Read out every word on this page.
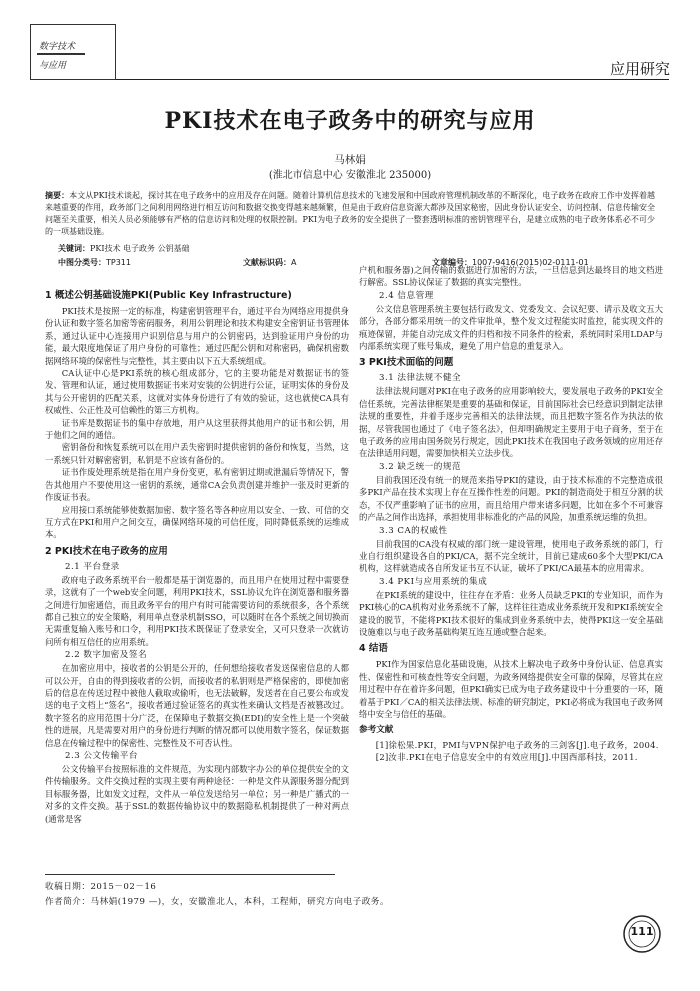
数字技术
与应用	应用研究
PKI技术在电子政务中的研究与应用
马林娟
(淮北市信息中心 安徽淮北 235000)
摘要：本文从PKI技术谈起，探讨其在电子政务中的应用及存在问题。随着计算机信息技术的飞速发展和中国政府管理机制改革的不断深化，电子政务在政府工作中发挥着越来越重要的作用，政务部门之间利用网络进行相互访问和数据交换变得越来越频繁，但是由于政府信息资源大都涉及国家秘密，因此身份认证安全、访问控制、信息传输安全问题至关重要，相关人员必须能够有严格的信息访问和处理的权限控制。PKI为电子政务的安全提供了一整套透明标准的密钥管理平台，是建立成熟的电子政务体系必不可少的一项基础设施。
关键词：PKI技术 电子政务 公钥基础
中图分类号：TP311	文献标识码：A	文章编号：1007-9416(2015)02-0111-01
1 概述公钥基础设施PKI(Public Key Infrastructure)

PKI技术是按照一定的标准，构建密钥管理平台，通过平台为网络应用提供身份认证和数字签名加密等密码服务，利用公钥理论和技术构建安全密钥证书管理体系，通过认证中心连接用户识别信息与用户的公钥密码，达到验证用户身份的功能，最大限度地保证了用户身份的可靠性；通过匹配公钥和对称密码，确保机密数据网络环境的保密性与完整性，其主要由以下五大系统组成。

CA认证中心是PKI系统的核心组成部分，它的主要功能是对数据证书的签发、管理和认证，通过使用数据证书来对安装的公钥进行公证，证明实体的身份及其与公开密钥的匹配关系，这就对实体身份进行了有效的验证，这也就使CA具有权威性、公正性及可信赖性的第三方机构。

证书库是数据证书的集中存放地，用户从这里获得其他用户的证书和公钥，用于他们之间的通信。

密钥备份和恢复系统可以在用户丢失密钥时提供密钥的备份和恢复，当然，这一系统只针对解密密钥，私钥是不应该有备份的。

证书作废处理系统是指在用户身份变更，私有密钥过期或泄漏后等情况下，警告其他用户不要使用这一密钥的系统，通常CA会负责创建并维护一张及时更新的作废证书表。

应用接口系统能够使数据加密、数字签名等各种应用以安全、一致、可信的交互方式在PKI和用户之间交互，确保网络环境的可信任度，同时降低系统的运维成本。

2 PKI技术在电子政务的应用
2.1 平台登录

政府电子政务系统平台一般都是基于浏览器的，而且用户在使用过程中需要登录，这就有了一个web安全问题，利用PKI技术，SSL协议允许在浏览器和服务器之间进行加密通信，而且政务平台的用户有时可能需要访问的系统很多，各个系统都自己独立的安全策略，利用单点登录机制SSO，可以随时在各个系统之间切换而无需重复输入账号和口令，利用PKI技术既保证了登录安全，又可只登录一次就访问所有相互信任的应用系统。

2.2 数字加密及签名

在加密应用中，接收者的公钥是公开的，任何想给接收者发送保密信息的人都可以公开，自由的得到接收者的公钥，而接收者的私钥则是严格保密的，即使加密后的信息在传送过程中被他人截取或偷听，也无法破解，发送者在自己要公布或发送的电子文档上“签名”，接收者通过验证签名的真实性来确认文档是否被篡改过。数字签名的应用范围十分广泛，在保障电子数据交换(EDI)的安全性上是一个突破性的进展，凡是需要对用户的身份进行判断的情况都可以使用数字签名，保证数据信息在传输过程中的保密性、完整性及不可否认性。

2.3 公文传输平台

公文传输平台按照标准的文件规范，为实现内部数字办公的单位提供安全的文件传输服务。文件交换过程的实现主要有两种途径：一种是文件从源服务器分配到目标服务器，比如发文过程，文件从一单位发送给另一单位；另一种是广播式的一对多的文件交换。基于SSL的数据传输协议中的数据隐私机制提供了一种对两点(通常是客

户机和服务器)之间传输的数据进行加密的方法，一旦信息到达最终目的地文档进行解密。SSL协议保证了数据的真实完整性。

2.4 信息管理

公文信息管理系统主要包括行政发文、党委发文、会议纪要、请示及收文五大部分，各部分都采用统一的文件审批单，整个发文过程能实时监控，能实现文件的痕迹保留，并能自动完成文件的归档和按不同条件的检索，系统同时采用LDAP与内部系统实现了账号集成，避免了用户信息的重复录入。

3 PKI技术面临的问题
3.1 法律法规不健全

法律法规问题对PKI在电子政务的应用影响较大，要发展电子政务的PKI安全信任系统，完善法律框架是重要的基础和保证，目前国际社会已经意识到制定法律法规的重要性，并着手逐步完善相关的法律法规，而且把数字签名作为执法的依据，尽管我国也通过了《电子签名法》，但却明确规定主要用于电子商务，至于在电子政务的应用由国务院另行规定，因此PKI技术在我国电子政务领域的应用还存在法律适用问题，需要加快相关立法步伐。

3.2 缺乏统一的规范

目前我国还没有统一的规范来指导PKI的建设，由于技术标准的不完整造成很多PKI产品在技术实现上存在互操作性差的问题。PKI的制造商处于相互分割的状态，不仅严重影响了证书的应用，而且给用户带来诸多问题，比如在多个不可兼容的产品之间作出选择，承担使用非标准化的产品的风险，加重系统运维的负担。

3.3 CA的权威性

目前我国的CA没有权威的部门统一建设管理，使用电子政务系统的部门，行业自行组织建设各自的PKI/CA，据不完全统计，目前已建成60多个大型PKI/CA机构，这样就造成各自所发证书互不认证，破坏了PKI/CA最基本的应用需求。

3.4 PKI与应用系统的集成

在PKI系统的建设中，往往存在矛盾：业务人员缺乏PKI的专业知识，而作为PKI核心的CA机构对业务系统不了解，这样往往造成业务系统开发和PKI系统安全建设的脱节，不能将PKI技术很好的集成到业务系统中去，使得PKI这一安全基础设施难以与电子政务基础构架互连互通或整合起来。

4 结语

PKI作为国家信息化基础设施，从技术上解决电子政务中身份认证、信息真实性、保密性和可核查性等安全问题，为政务网络提供安全可靠的保障，尽管其在应用过程中存在着许多问题，但PKI确实已成为电子政务建设中十分重要的一环，随着基于PKI／CA的相关法律法规、标准的研究制定，PKI必将成为我国电子政务网络中安全与信任的基础。

参考文献

[1]徐松果.PKI，PMI与VPN保护电子政务的三剑客[J].电子政务，2004.

[2]汝非.PKI在电子信息安全中的有效应用[J].中国西部科技，2011.

收稿日期：2015－02－16
作者简介：马林娟(1979 —)，女，安徽淮北人，本科，工程师，研究方向电子政务。
111
